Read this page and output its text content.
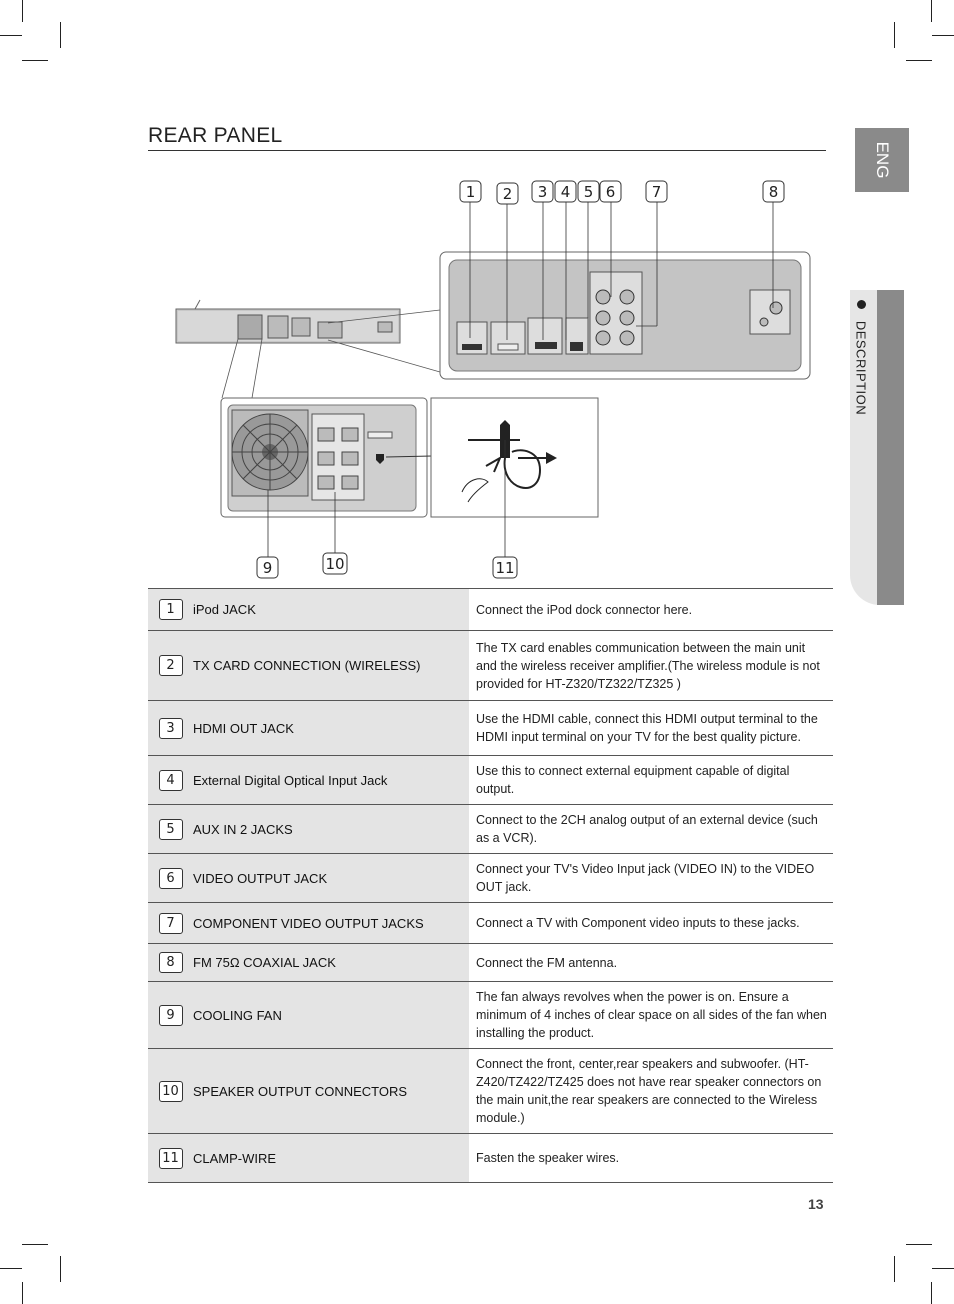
ENG
DESCRIPTION
REAR PANEL
1 2 3 4 5 6 7	8
9	10	11
1	iPod JACK	Connect the iPod dock connector here.
2	TX CARD CONNECTION (WIRELESS)	The TX card enables communication between the main unit and the wireless receiver amplifier.(The wireless module is not provided for HT-Z320/TZ322/TZ325 )
3	HDMI OUT JACK	Use the HDMI cable, connect this HDMI output terminal to the HDMI input terminal on your TV for the best quality picture.
4	External Digital Optical Input Jack	Use this to connect external equipment capable of digital output.
5	AUX IN 2 JACKS	Connect to the 2CH analog output of an external device (such as a VCR).
6	VIDEO OUTPUT JACK	Connect your TV's Video Input jack (VIDEO IN) to the VIDEO OUT jack.
7	COMPONENT VIDEO OUTPUT JACKS	Connect a TV with Component video inputs to these jacks.
8	FM 75Ω COAXIAL JACK	Connect the FM antenna.
9	COOLING FAN	The fan always revolves when the power is on. Ensure a minimum of 4 inches of clear space on all sides of the fan when installing the product.
10	SPEAKER OUTPUT CONNECTORS	Connect the front, center,rear speakers and subwoofer. (HT-Z420/TZ422/TZ425 does not have rear speaker connectors on the main unit,the rear speakers are connected to the Wireless module.)
11	CLAMP-WIRE	Fasten the speaker wires.
13
